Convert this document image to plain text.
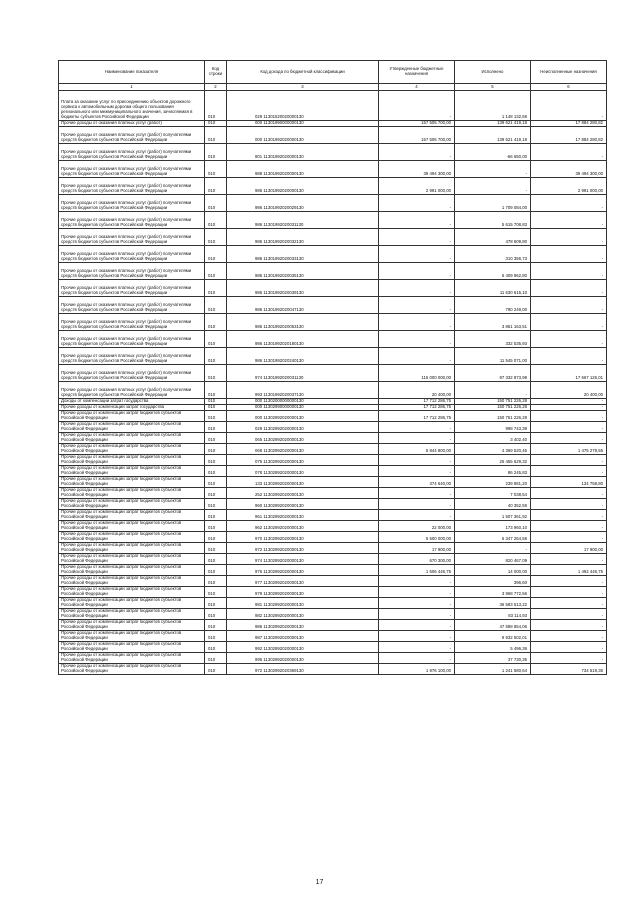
Наименование показателя	Код строки	Код дохода по бюджетной классификации	Утвержденные бюджетные назначения	Исполнено	Неисполненные назначения
1	2	3	4	5	6
Плата за оказание услуг по присоединению объектов дорожного сервиса к автомобильным дорогам общего пользования регионального или межмуниципального значения, зачисляемая в бюджеты субъектов Российской Федерации	010	029 11301520020000130	-	1 148 132,59	-
Прочие доходы от оказания платных услуг (работ)	010	000 11301990000000130	157 505 700,00	139 621 419,18	17 884 280,82
Прочие доходы от оказания платных услуг (работ) получателями средств бюджетов субъектов Российской Федерации	010	000 11301992020000130	157 505 700,00	139 621 419,18	17 884 280,82
Прочие доходы от оказания платных услуг (работ) получателями средств бюджетов субъектов Российской Федерации	010	801 11301992020000130	-	-66 650,00	-
Прочие доходы от оказания платных услуг (работ) получателями средств бюджетов субъектов Российской Федерации	010	988 11301992020000130	39 494 300,00	-	39 494 300,00
Прочие доходы от оказания платных услуг (работ) получателями средств бюджетов субъектов Российской Федерации	010	986 11301992020000130	2 991 000,00	-	2 991 000,00
Прочие доходы от оказания платных услуг (работ) получателями средств бюджетов субъектов Российской Федерации	010	986 11301992020029130	-	1 709 084,00	-
Прочие доходы от оказания платных услуг (работ) получателями средств бюджетов субъектов Российской Федерации	010	986 11301992020031130	-	5 615 708,83	-
Прочие доходы от оказания платных услуг (работ) получателями средств бюджетов субъектов Российской Федерации	010	986 11301992020032130	-	478 609,80	-
Прочие доходы от оказания платных услуг (работ) получателями средств бюджетов субъектов Российской Федерации	010	986 11301992020033130	-	310 356,73	-
Прочие доходы от оказания платных услуг (работ) получателями средств бюджетов субъектов Российской Федерации	010	986 11301992020035130	-	5 409 962,80	-
Прочие доходы от оказания платных услуг (работ) получателями средств бюджетов субъектов Российской Федерации	010	986 11301992020039130	-	11 630 615,10	-
Прочие доходы от оказания платных услуг (работ) получателями средств бюджетов субъектов Российской Федерации	010	986 11301992020047130	-	790 249,00	-
Прочие доходы от оказания платных услуг (работ) получателями средств бюджетов субъектов Российской Федерации	010	986 11301992020053130	-	3 861 163,51	-
Прочие доходы от оказания платных услуг (работ) получателями средств бюджетов субъектов Российской Федерации	010	986 11301992020180130	-	332 535,93	-
Прочие доходы от оказания платных услуг (работ) получателями средств бюджетов субъектов Российской Федерации	010	986 11301992020240130	-	11 545 071,00	-
Прочие доходы от оказания платных услуг (работ) получателями средств бюджетов субъектов Российской Федерации	010	974 11301992020031130	115 000 000,00	97 332 873,99	17 667 126,01
Прочие доходы от оказания платных услуг (работ) получателями средств бюджетов субъектов Российской Федерации	010	993 11301992020037130	20 400,00	-	20 400,00
Доходы от компенсации затрат государства	010	000 11302000000000130	17 712 286,75	150 751 226,28	-
Прочие доходы от компенсации затрат государства	010	000 11302990000000130	17 712 286,75	150 751 226,28	-
Прочие доходы от компенсации затрат бюджетов субъектов Российской Федерации	010	000 11302992020000130	17 712 286,75	150 751 226,28	-
Прочие доходы от компенсации затрат бюджетов субъектов Российской Федерации	010	029 11302992020000130	-	998 743,39	-
Прочие доходы от компенсации затрат бюджетов субъектов Российской Федерации	010	065 11302992020000130	-	3 402,40	-
Прочие доходы от компенсации затрат бюджетов субъектов Российской Федерации	010	068 11302992020000130	5 844 800,00	4 369 520,45	1 475 279,55
Прочие доходы от компенсации затрат бюджетов субъектов Российской Федерации	010	075 11302992020000130	-	25 455 629,32	-
Прочие доходы от компенсации затрат бюджетов субъектов Российской Федерации	010	078 11302992020000130	-	86 245,83	-
Прочие доходы от компенсации затрат бюджетов субъектов Российской Федерации	010	133 11302992020000130	374 640,00	239 881,20	134 758,80
Прочие доходы от компенсации затрат бюджетов субъектов Российской Федерации	010	252 11302992020000130	-	7 038,54	-
Прочие доходы от компенсации затрат бюджетов субъектов Российской Федерации	010	960 11302992020000130	-	40 352,59	-
Прочие доходы от компенсации затрат бюджетов субъектов Российской Федерации	010	961 11302992020000130	-	1 507 361,92	-
Прочие доходы от компенсации затрат бюджетов субъектов Российской Федерации	010	962 11302992020000130	22 000,00	173 960,10	-
Прочие доходы от компенсации затрат бюджетов субъектов Российской Федерации	010	970 11302992020000130	5 500 000,00	6 347 264,58	-
Прочие доходы от компенсации затрат бюджетов субъектов Российской Федерации	010	972 11302992020000130	17 900,00	-	17 900,00
Прочие доходы от компенсации затрат бюджетов субъектов Российской Федерации	010	974 11302992020000130	670 300,00	820 467,09	-
Прочие доходы от компенсации затрат бюджетов субъектов Российской Федерации	010	976 11302992020000130	1 506 446,75	14 000,00	1 492 446,75
Прочие доходы от компенсации затрат бюджетов субъектов Российской Федерации	010	977 11302992020000130	-	396,60	-
Прочие доходы от компенсации затрат бюджетов субъектов Российской Федерации	010	979 11302992020000130	-	3 968 772,56	-
Прочие доходы от компенсации затрат бюджетов субъектов Российской Федерации	010	981 11302992020000130	-	36 583 513,22	-
Прочие доходы от компенсации затрат бюджетов субъектов Российской Федерации	010	982 11302992020000130	-	83 114,93	-
Прочие доходы от компенсации затрат бюджетов субъектов Российской Федерации	010	986 11302992020000130	-	47 588 854,06	-
Прочие доходы от компенсации затрат бюджетов субъектов Российской Федерации	010	987 11302992020000130	-	9 932 502,01	-
Прочие доходы от компенсации затрат бюджетов субъектов Российской Федерации	010	992 11302992020000130	-	5 496,36	-
Прочие доходы от компенсации затрат бюджетов субъектов Российской Федерации	010	995 11302992020000130	-	37 730,35	-
Прочие доходы от компенсации затрат бюджетов субъектов Российской Федерации	010	972 11302992020369130	1 976 100,00	1 241 580,64	734 519,36
17
